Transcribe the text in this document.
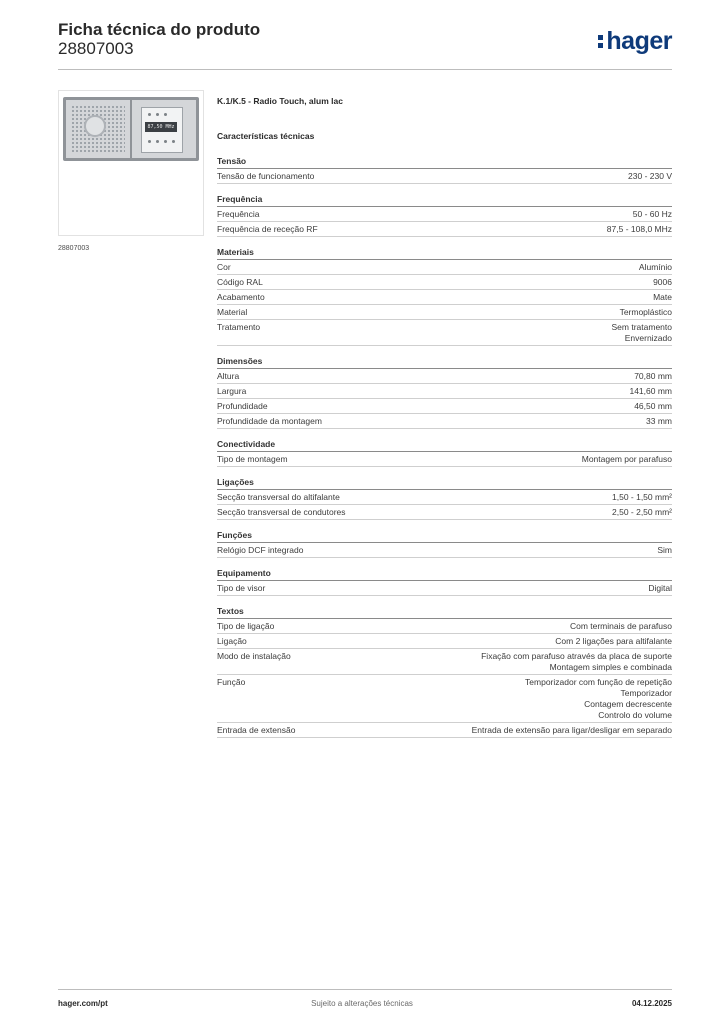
Ficha técnica do produto
28807003	hager
87,50 MHz
28807003
K.1/K.5 - Radio Touch, alum lac
Características técnicas
Tensão
Tensão de funcionamento	230 - 230 V
Frequência
Frequência	50 - 60 Hz
Frequência de receção RF	87,5 - 108,0 MHz
Materiais
Cor	Alumínio
Código RAL	9006
Acabamento	Mate
Material	Termoplástico
Tratamento	Sem tratamento
Envernizado
Dimensões
Altura	70,80 mm
Largura	141,60 mm
Profundidade	46,50 mm
Profundidade da montagem	33 mm
Conectividade
Tipo de montagem	Montagem por parafuso
Ligações
Secção transversal do altifalante	1,50 - 1,50 mm²
Secção transversal de condutores	2,50 - 2,50 mm²
Funções
Relógio DCF integrado	Sim
Equipamento
Tipo de visor	Digital
Textos
Tipo de ligação	Com terminais de parafuso
Ligação	Com 2 ligações para altifalante
Modo de instalação	Fixação com parafuso através da placa de suporte
Montagem simples e combinada
Função	Temporizador com função de repetição
Temporizador
Contagem decrescente
Controlo do volume
Entrada de extensão	Entrada de extensão para ligar/desligar em separado
hager.com/pt	Sujeito a alterações técnicas	04.12.2025
